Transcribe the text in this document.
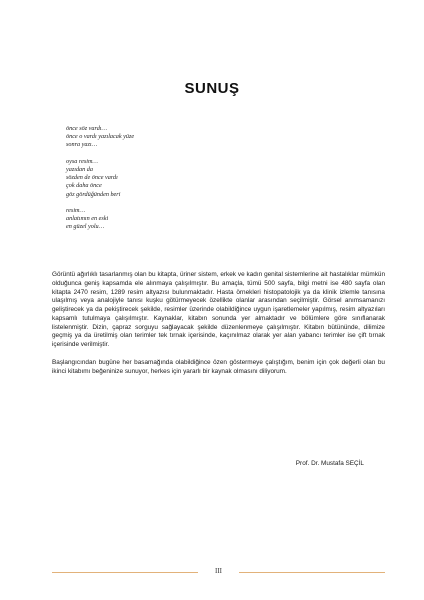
SUNUŞ
önce söz vardı…
önce o vardı yazılacak yüze
sonra yazı…
oysa resim…
yazıdan da
sözden de önce vardı
çok daha önce
göz gördüğünden beri
resim…
anlatımın en eski
en güzel yolu…

Görüntü ağırlıklı tasarlanmış olan bu kitapta, üriner sistem, erkek ve kadın genital sistemlerine ait hastalıklar mümkün olduğunca geniş kapsamda ele alınmaya çalışılmıştır. Bu amaçla, tümü 500 sayfa, bilgi metni ise 480 sayfa olan kitapta 2470 resim, 1289 resim altyazısı bulunmaktadır. Hasta örnekleri histopatolojik ya da klinik izlemle tanısına ulaşılmış veya analojiyle tanısı kuşku götürmeyecek özellikte olanlar arasından seçilmiştir. Görsel anımsamanızı geliştirecek ya da pekiştirecek şekilde, resimler üzerinde olabildiğince uygun işaretlemeler yapılmış, resim altyazıları kapsamlı tutulmaya çalışılmıştır. Kaynaklar, kitabın sonunda yer almaktadır ve bölümlere göre sınıflanarak listelenmiştir. Dizin, çapraz sorguyu sağlayacak şekilde düzenlenmeye çalışılmıştır. Kitabın bütününde, dilimize geçmiş ya da üretilmiş olan terimler tek tırnak içerisinde, kaçınılmaz olarak yer alan yabancı terimler ise çift tırnak içerisinde verilmiştir.

Başlangıcından bugüne her basamağında olabildiğince özen göstermeye çalıştığım, benim için çok değerli olan bu ikinci kitabımı beğeninize sunuyor, herkes için yararlı bir kaynak olmasını diliyorum.

Prof. Dr. Mustafa SEÇİL
III
